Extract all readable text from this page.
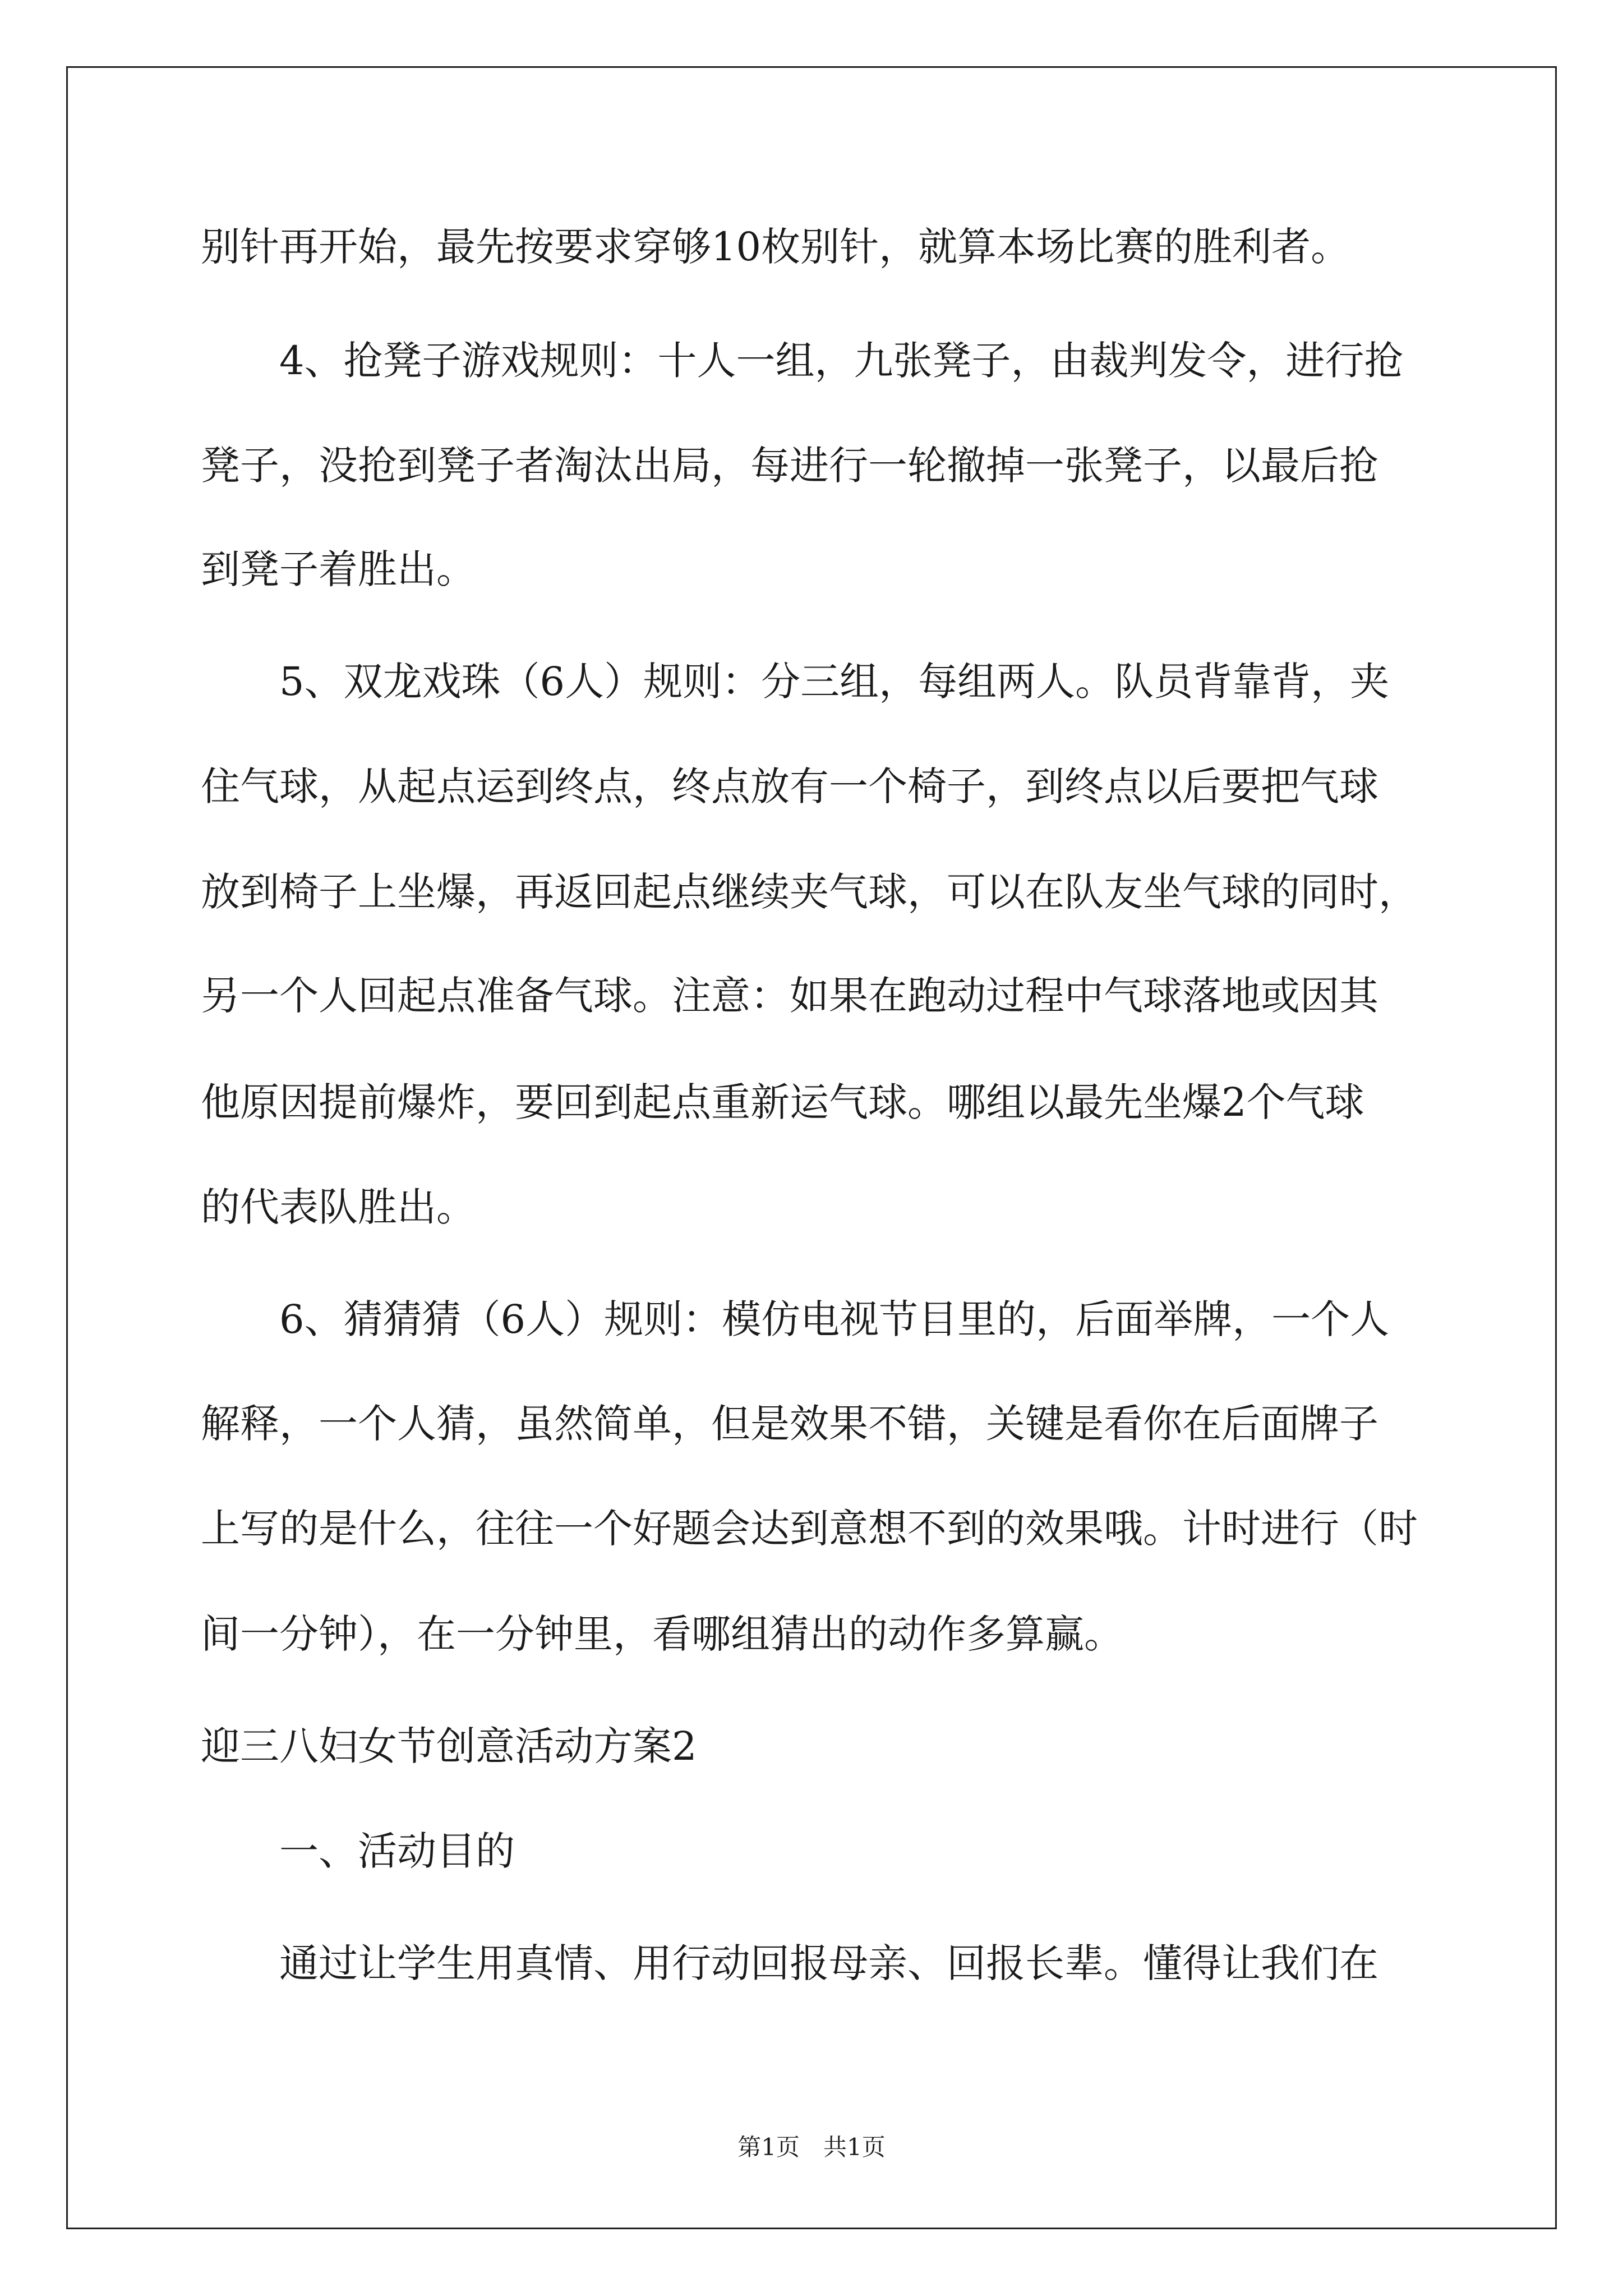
别针再开始，最先按要求穿够10枚别针，就算本场比赛的胜利者。
4、抢凳子游戏规则：十人一组，九张凳子，由裁判发令，进行抢
凳子，没抢到凳子者淘汰出局，每进行一轮撤掉一张凳子，以最后抢
到凳子着胜出。
5、双龙戏珠（6人）规则：分三组，每组两人。队员背靠背，夹
住气球，从起点运到终点，终点放有一个椅子，到终点以后要把气球
放到椅子上坐爆，再返回起点继续夹气球，可以在队友坐气球的同时，
另一个人回起点准备气球。注意：如果在跑动过程中气球落地或因其
他原因提前爆炸，要回到起点重新运气球。哪组以最先坐爆2个气球
的代表队胜出。
6、猜猜猜（6人）规则：模仿电视节目里的，后面举牌，一个人
解释，一个人猜，虽然简单，但是效果不错，关键是看你在后面牌子
上写的是什么，往往一个好题会达到意想不到的效果哦。计时进行（时
间一分钟），在一分钟里，看哪组猜出的动作多算赢。
迎三八妇女节创意活动方案2
一、活动目的
通过让学生用真情、用行动回报母亲、回报长辈。懂得让我们在
第1页　共1页
